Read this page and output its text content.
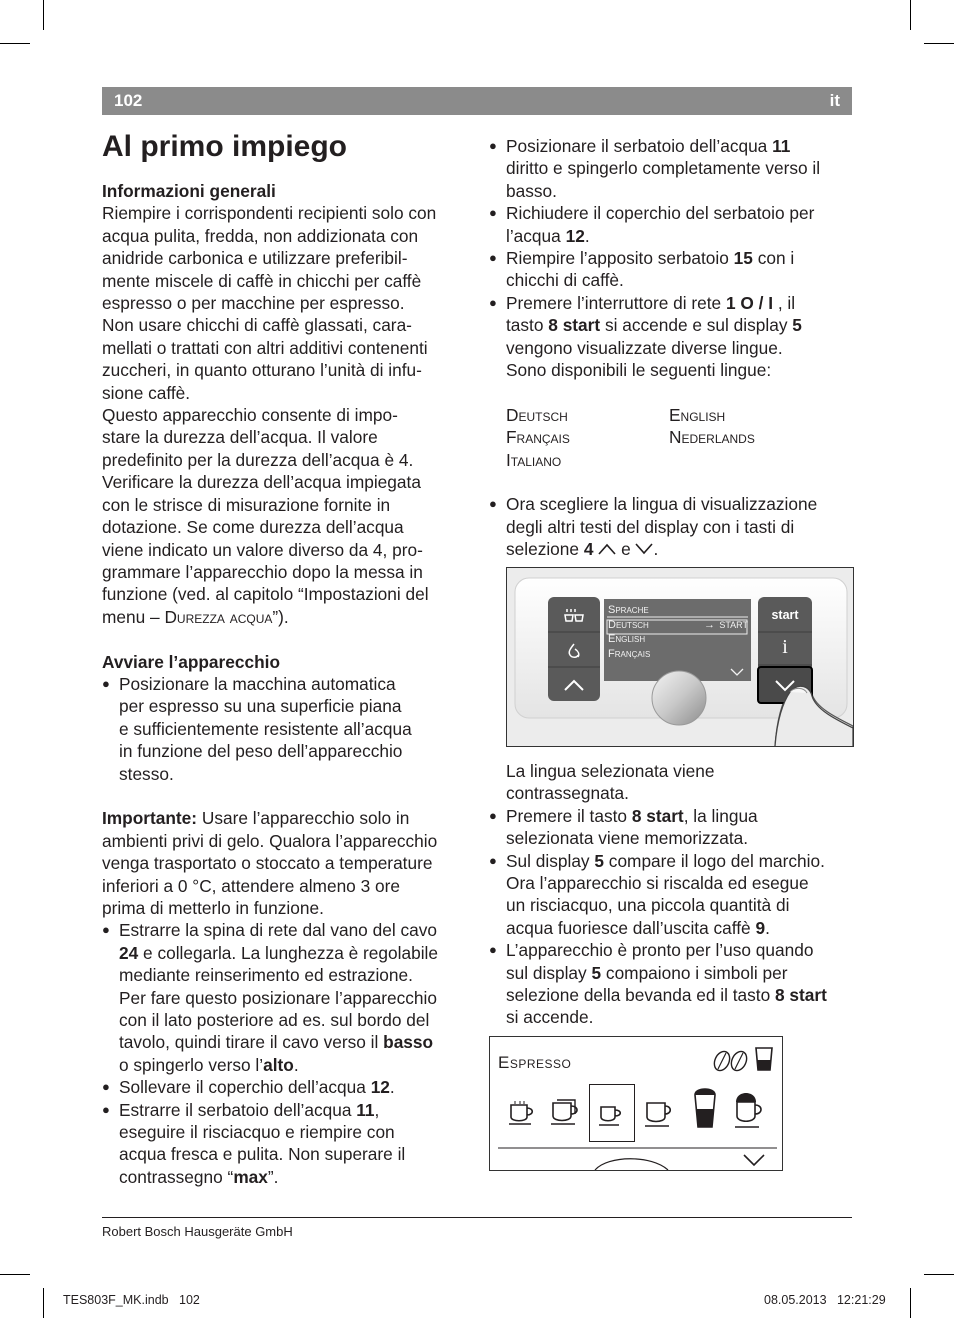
102	it
Al primo impiego

Informazioni generali

Riempire i corrispondenti recipienti solo con

acqua pulita, fredda, non addizionata con

anidride carbonica e utilizzare preferibil-

mente miscele di caffè in chicchi per caffè

espresso o per macchine per espresso.

Non usare chicchi di caffè glassati, cara-

mellati o trattati con altri additivi contenenti

zuccheri, in quanto otturano l’unità di infu-

sione caffè.

Questo apparecchio consente di impo-

stare la durezza dell’acqua. Il valore

predefinito per la durezza dell’acqua è 4.

Verificare la durezza dell’acqua impiegata

con le strisce di misurazione fornite in

dotazione. Se come durezza dell’acqua

viene indicato un valore diverso da 4, pro-

grammare l’apparecchio dopo la messa in

funzione (ved. al capitolo “Impostazioni del

menu – Durezza acqua”).

Avviare l’apparecchio

● Posizionare la macchina automatica

per espresso su una superficie piana

e sufficientemente resistente all’acqua

in funzione del peso dell’apparecchio

stesso.

Importante: Usare l’apparecchio solo in

ambienti privi di gelo. Qualora l’apparecchio

venga trasportato o stoccato a temperature

inferiori a 0 °C, attendere almeno 3 ore

prima di metterlo in funzione.

● Estrarre la spina di rete dal vano del cavo

24 e collegarla. La lunghezza è regolabile

mediante reinserimento ed estrazione.

Per fare questo posizionare l’apparecchio

con il lato posteriore ad es. sul bordo del

tavolo, quindi tirare il cavo verso il basso

o spingerlo verso l’alto.

● Sollevare il coperchio dell’acqua 12.

● Estrarre il serbatoio dell’acqua 11,

eseguire il risciacquo e riempire con

acqua fresca e pulita. Non superare il

contrassegno “max”.

● Posizionare il serbatoio dell’acqua 11

diritto e spingerlo completamente verso il

basso.

● Richiudere il coperchio del serbatoio per

l’acqua 12.

● Riempire l’apposito serbatoio 15 con i

chicchi di caffè.

● Premere l’interruttore di rete 1 O / I , il

tasto 8 start si accende e sul display 5

vengono visualizzate diverse lingue.

Sono disponibili le seguenti lingue:

Deutsch	English
Français	Nederlands
Italiano

● Ora scegliere la lingua di visualizzazione

degli altri testi del display con i tasti di

selezione 4  e .

Sprache
Deutsch	→ START
English
Français
start
i

La lingua selezionata viene

contrassegnata.

● Premere il tasto 8 start, la lingua

selezionata viene memorizzata.

● Sul display 5 compare il logo del marchio.

Ora l’apparecchio si riscalda ed esegue

un risciacquo, una piccola quantità di

acqua fuoriesce dall’uscita caffè 9.

● L’apparecchio è pronto per l’uso quando

sul display 5 compaiono i simboli per

selezione della bevanda ed il tasto 8 start

si accende.

Espresso
Robert Bosch Hausgeräte GmbH
TES803F_MK.indb 102	08.05.2013 12:21:29
